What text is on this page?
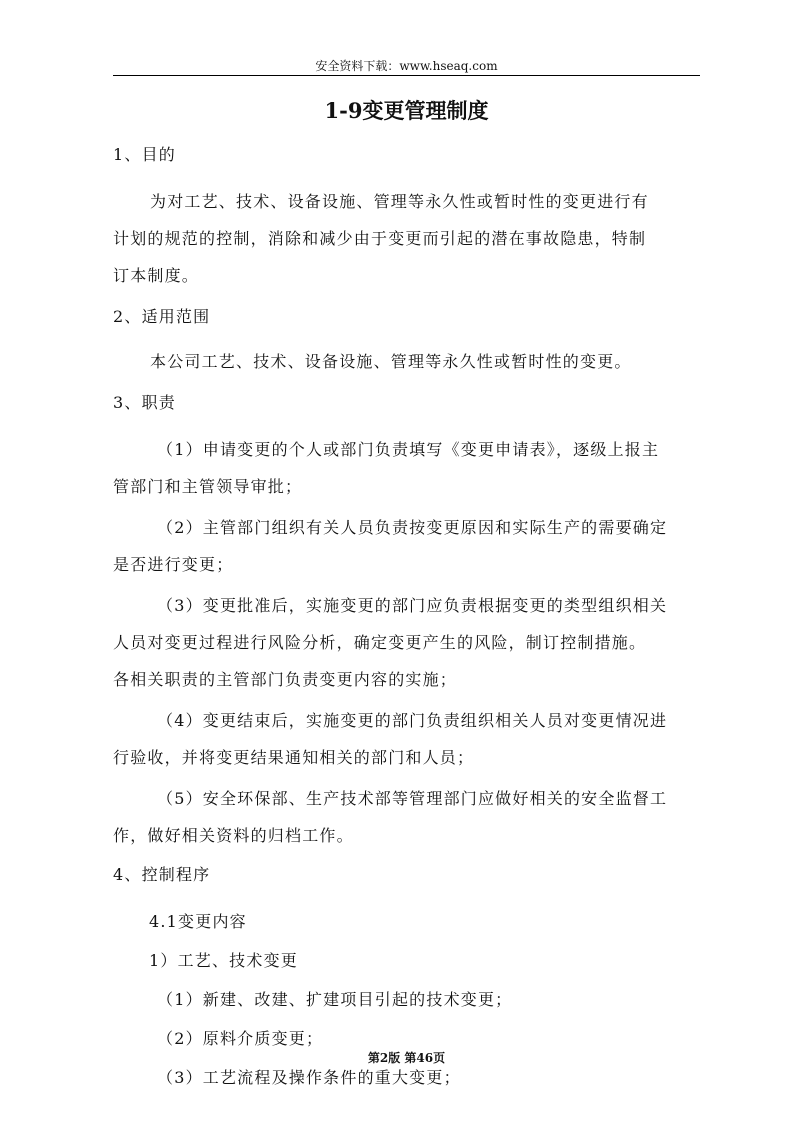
安全资料下载：www.hseaq.com
1-9变更管理制度
1、目的
为对工艺、技术、设备设施、管理等永久性或暂时性的变更进行有
计划的规范的控制，消除和减少由于变更而引起的潜在事故隐患，特制
订本制度。
2、适用范围
本公司工艺、技术、设备设施、管理等永久性或暂时性的变更。
3、职责
（1）申请变更的个人或部门负责填写《变更申请表》，逐级上报主
管部门和主管领导审批；
（2）主管部门组织有关人员负责按变更原因和实际生产的需要确定
是否进行变更；
（3）变更批准后，实施变更的部门应负责根据变更的类型组织相关
人员对变更过程进行风险分析，确定变更产生的风险，制订控制措施。
各相关职责的主管部门负责变更内容的实施；
（4）变更结束后，实施变更的部门负责组织相关人员对变更情况进
行验收，并将变更结果通知相关的部门和人员；
（5）安全环保部、生产技术部等管理部门应做好相关的安全监督工
作，做好相关资料的归档工作。
4、控制程序
4.1变更内容
1）工艺、技术变更
（1）新建、改建、扩建项目引起的技术变更；
（2）原料介质变更；
（3）工艺流程及操作条件的重大变更；
第2版 第46页
